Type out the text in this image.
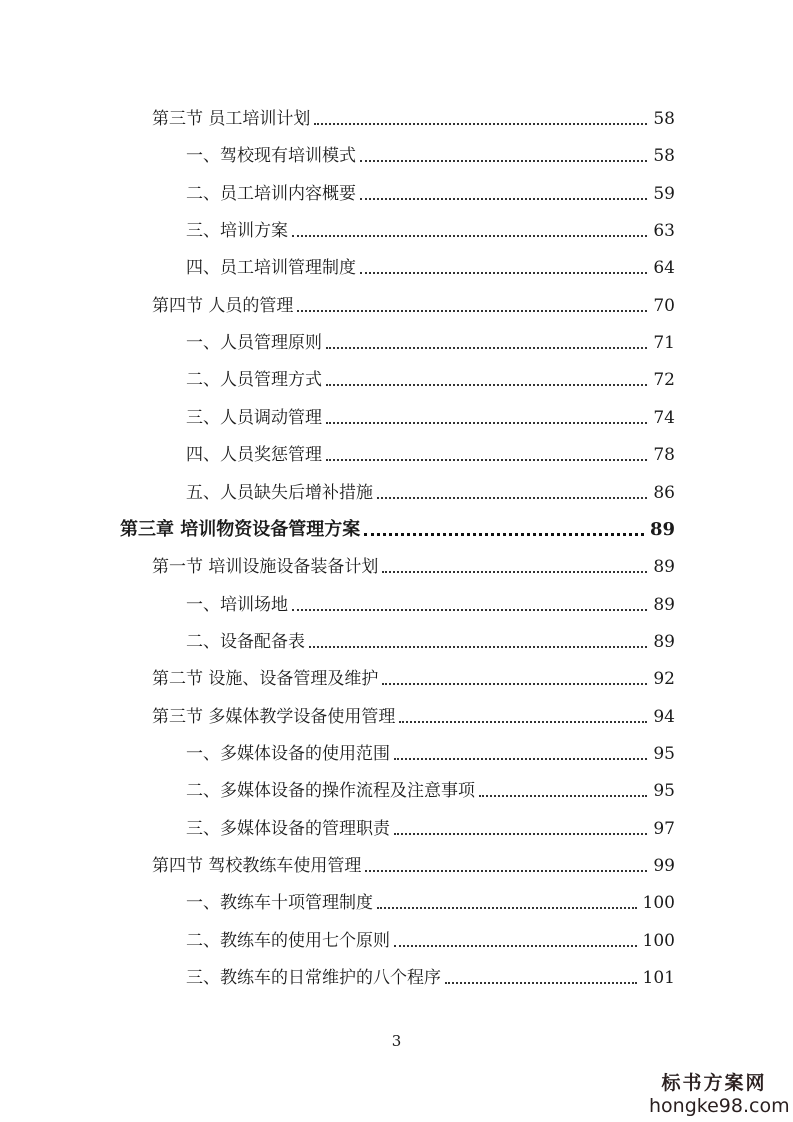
第三节 员工培训计划	58
一、驾校现有培训模式	58
二、员工培训内容概要	59
三、培训方案	63
四、员工培训管理制度	64
第四节 人员的管理	70
一、人员管理原则	71
二、人员管理方式	72
三、人员调动管理	74
四、人员奖惩管理	78
五、人员缺失后增补措施	86
第三章 培训物资设备管理方案	89
第一节 培训设施设备装备计划	89
一、培训场地	89
二、设备配备表	89
第二节 设施、设备管理及维护	92
第三节 多媒体教学设备使用管理	94
一、多媒体设备的使用范围	95
二、多媒体设备的操作流程及注意事项	95
三、多媒体设备的管理职责	97
第四节 驾校教练车使用管理	99
一、教练车十项管理制度	100
二、教练车的使用七个原则	100
三、教练车的日常维护的八个程序	101
3
标书方案网
hongke98.com
